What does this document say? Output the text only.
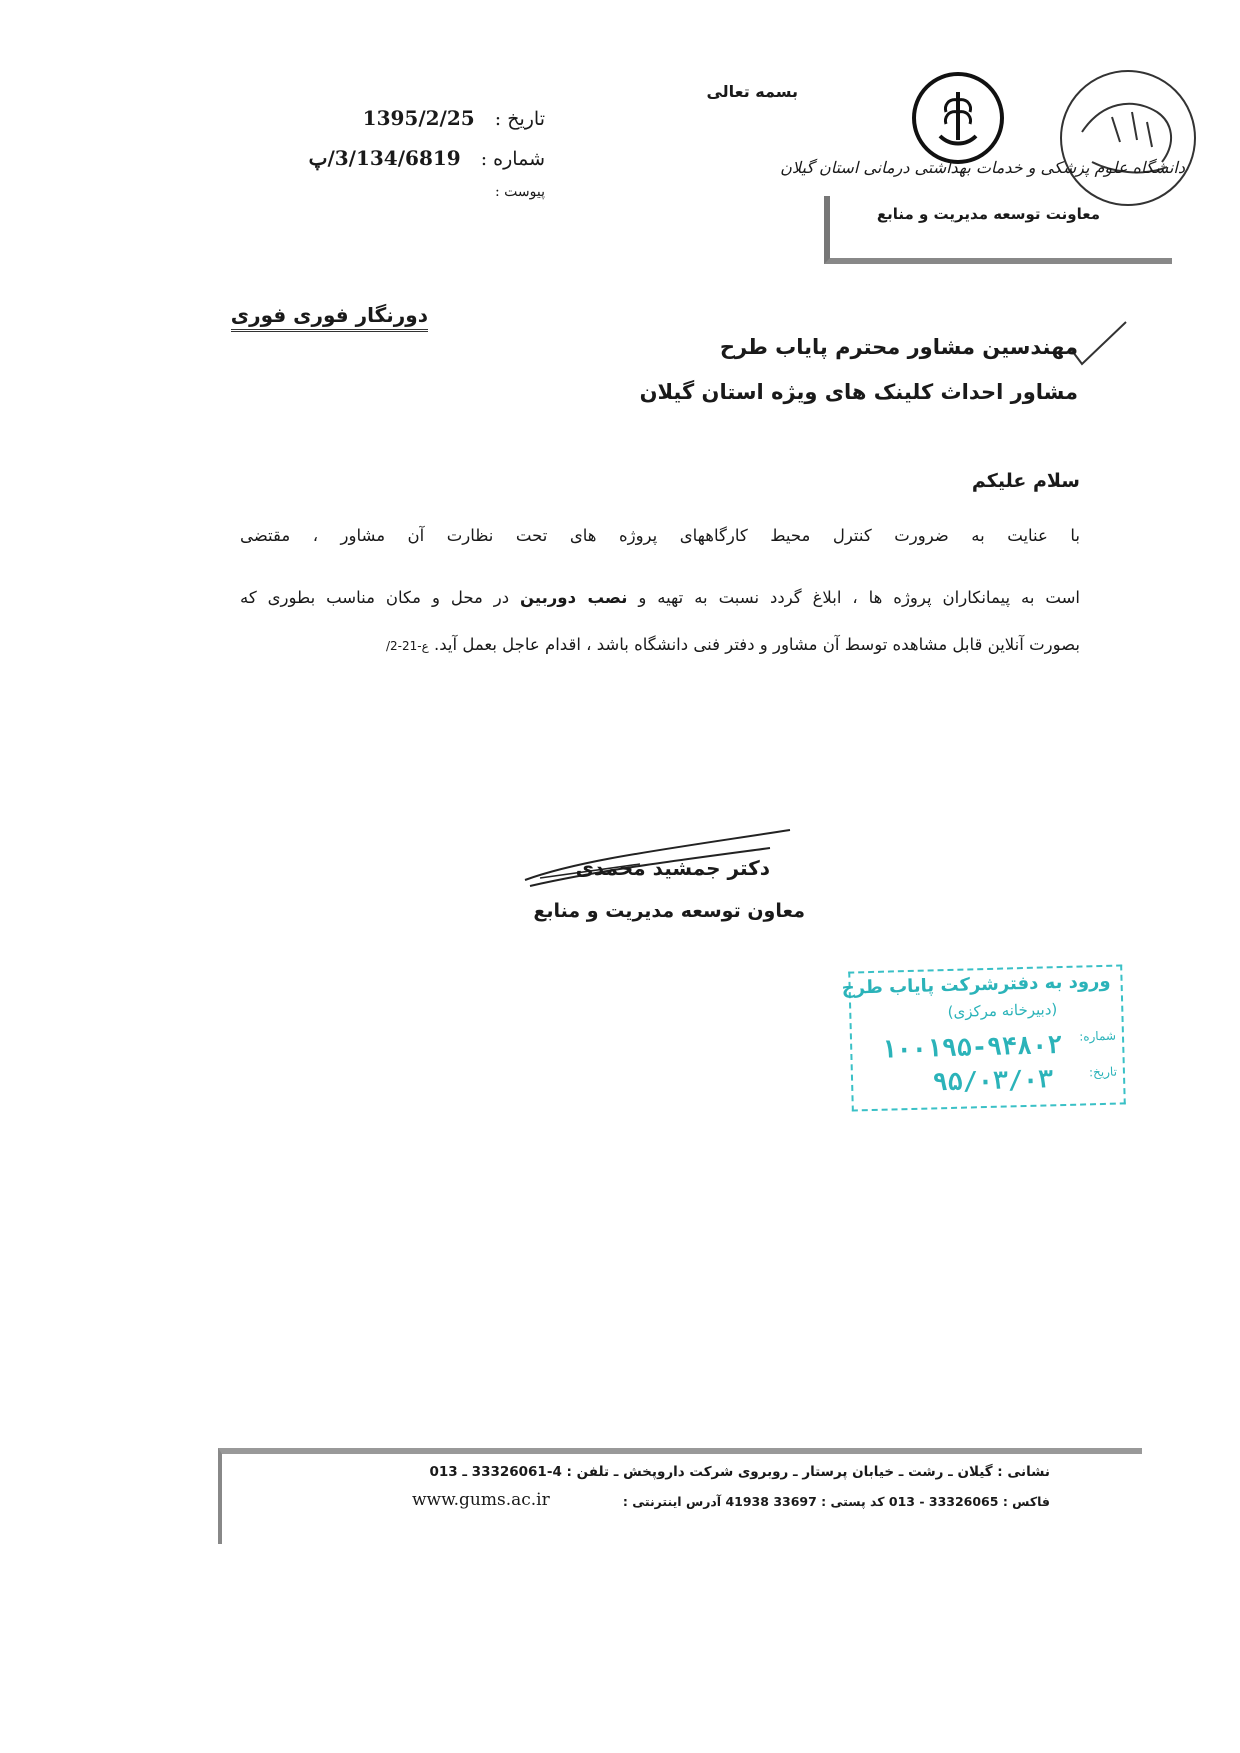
تاریخ : 1395/2/25
شماره : 3/134/6819/پ
پیوست :
بسمه تعالی
دانشگاه علوم پزشکی و خدمات بهداشتی درمانی استان گیلان
معاونت توسعه مدیریت و منابع
دورنگار فوری فوری
مهندسین مشاور محترم پایاب طرح
مشاور احداث کلینک های ویژه استان گیلان
سلام علیکم
با عنایت به ضرورت کنترل محیط کارگاههای پروژه های تحت نظارت آن مشاور ، مقتضی
است به پیمانکاران پروژه ها ، ابلاغ گردد نسبت به تهیه و نصب دوربین در محل و مکان مناسب بطوری که
بصورت آنلاین قابل مشاهده توسط آن مشاور و دفتر فنی دانشگاه باشد ، اقدام عاجل بعمل آید. ع-21-2/
دکتر جمشید محمدی
معاون توسعه مدیریت و منابع
ورود به دفترشرکت پایاب طرح
(دبیرخانه مرکزی)
شماره:
۱۰۰۱۹۵-۹۴۸۰۲
تاریخ:
۹۵/۰۳/۰۳
نشانی : گیلان ـ رشت ـ خیابان پرستار ـ روبروی شرکت داروپخش ـ تلفن : 4-33326061 ـ 013
فاکس : 33326065 - 013 کد پستی : 33697 41938 آدرس اینترنتی :
www.gums.ac.ir
